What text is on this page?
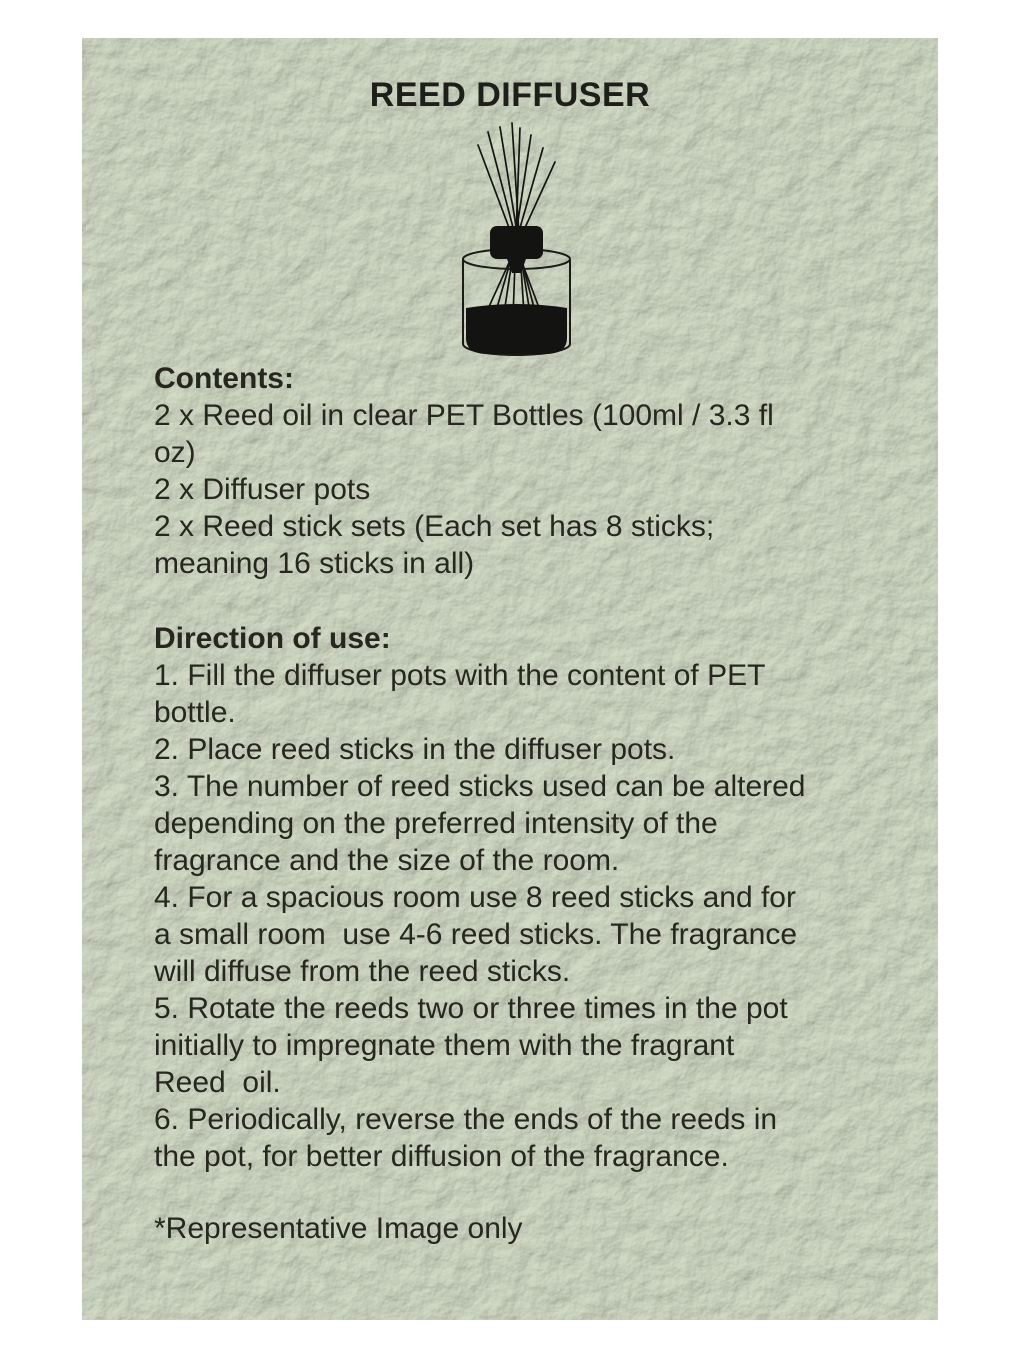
REED DIFFUSER
Contents:
2 x Reed oil in clear PET Bottles (100ml / 3.3 fl
oz)
2 x Diffuser pots
2 x Reed stick sets (Each set has 8 sticks;
meaning 16 sticks in all)
Direction of use:
1. Fill the diffuser pots with the content of PET
bottle.
2. Place reed sticks in the diffuser pots.
3. The number of reed sticks used can be altered
depending on the preferred intensity of the
fragrance and the size of the room.
4. For a spacious room use 8 reed sticks and for
a small room  use 4-6 reed sticks. The fragrance
will diffuse from the reed sticks.
5. Rotate the reeds two or three times in the pot
initially to impregnate them with the fragrant
Reed  oil.
6. Periodically, reverse the ends of the reeds in
the pot, for better diffusion of the fragrance.
*Representative Image only
